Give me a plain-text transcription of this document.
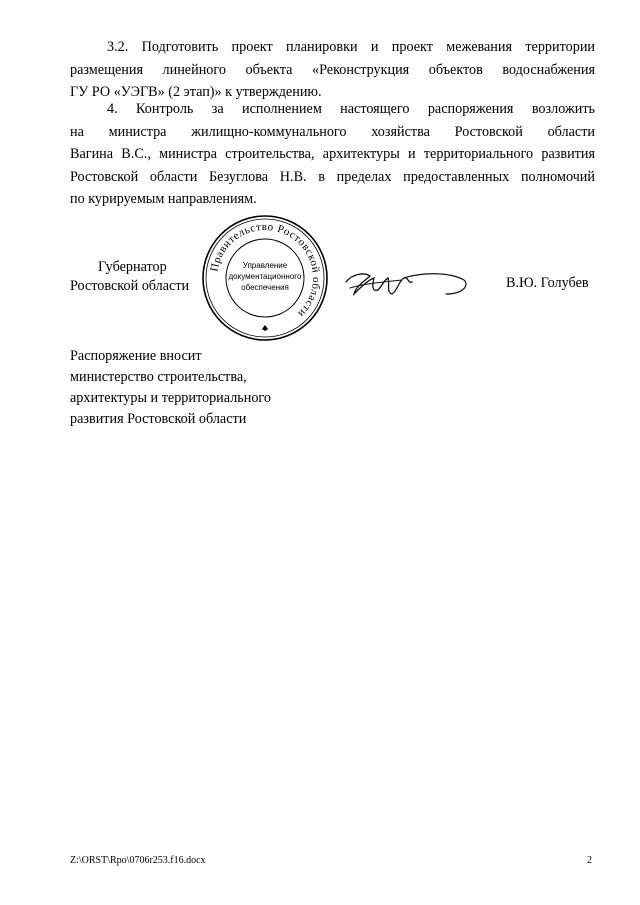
3.2. Подготовить проект планировки и проект межевания территории
размещения линейного объекта «Реконструкция объектов водоснабжения
ГУ РО «УЭГВ» (2 этап)» к утверждению.
4. Контроль за исполнением настоящего распоряжения возложить
на министра жилищно-коммунального хозяйства Ростовской области
Вагина В.С., министра строительства, архитектуры и территориального развития
Ростовской области Безуглова Н.В. в пределах предоставленных полномочий
по курируемым направлениям.
Губернатор
Ростовской области
Правительство Ростовской области
Управление
документационного
обеспечения	В.Ю. Голубев
Распоряжение вносит
министерство строительства,
архитектуры и территориального
развития Ростовской области
Z:\ORST\Rpo\0706r253.f16.docx	2
